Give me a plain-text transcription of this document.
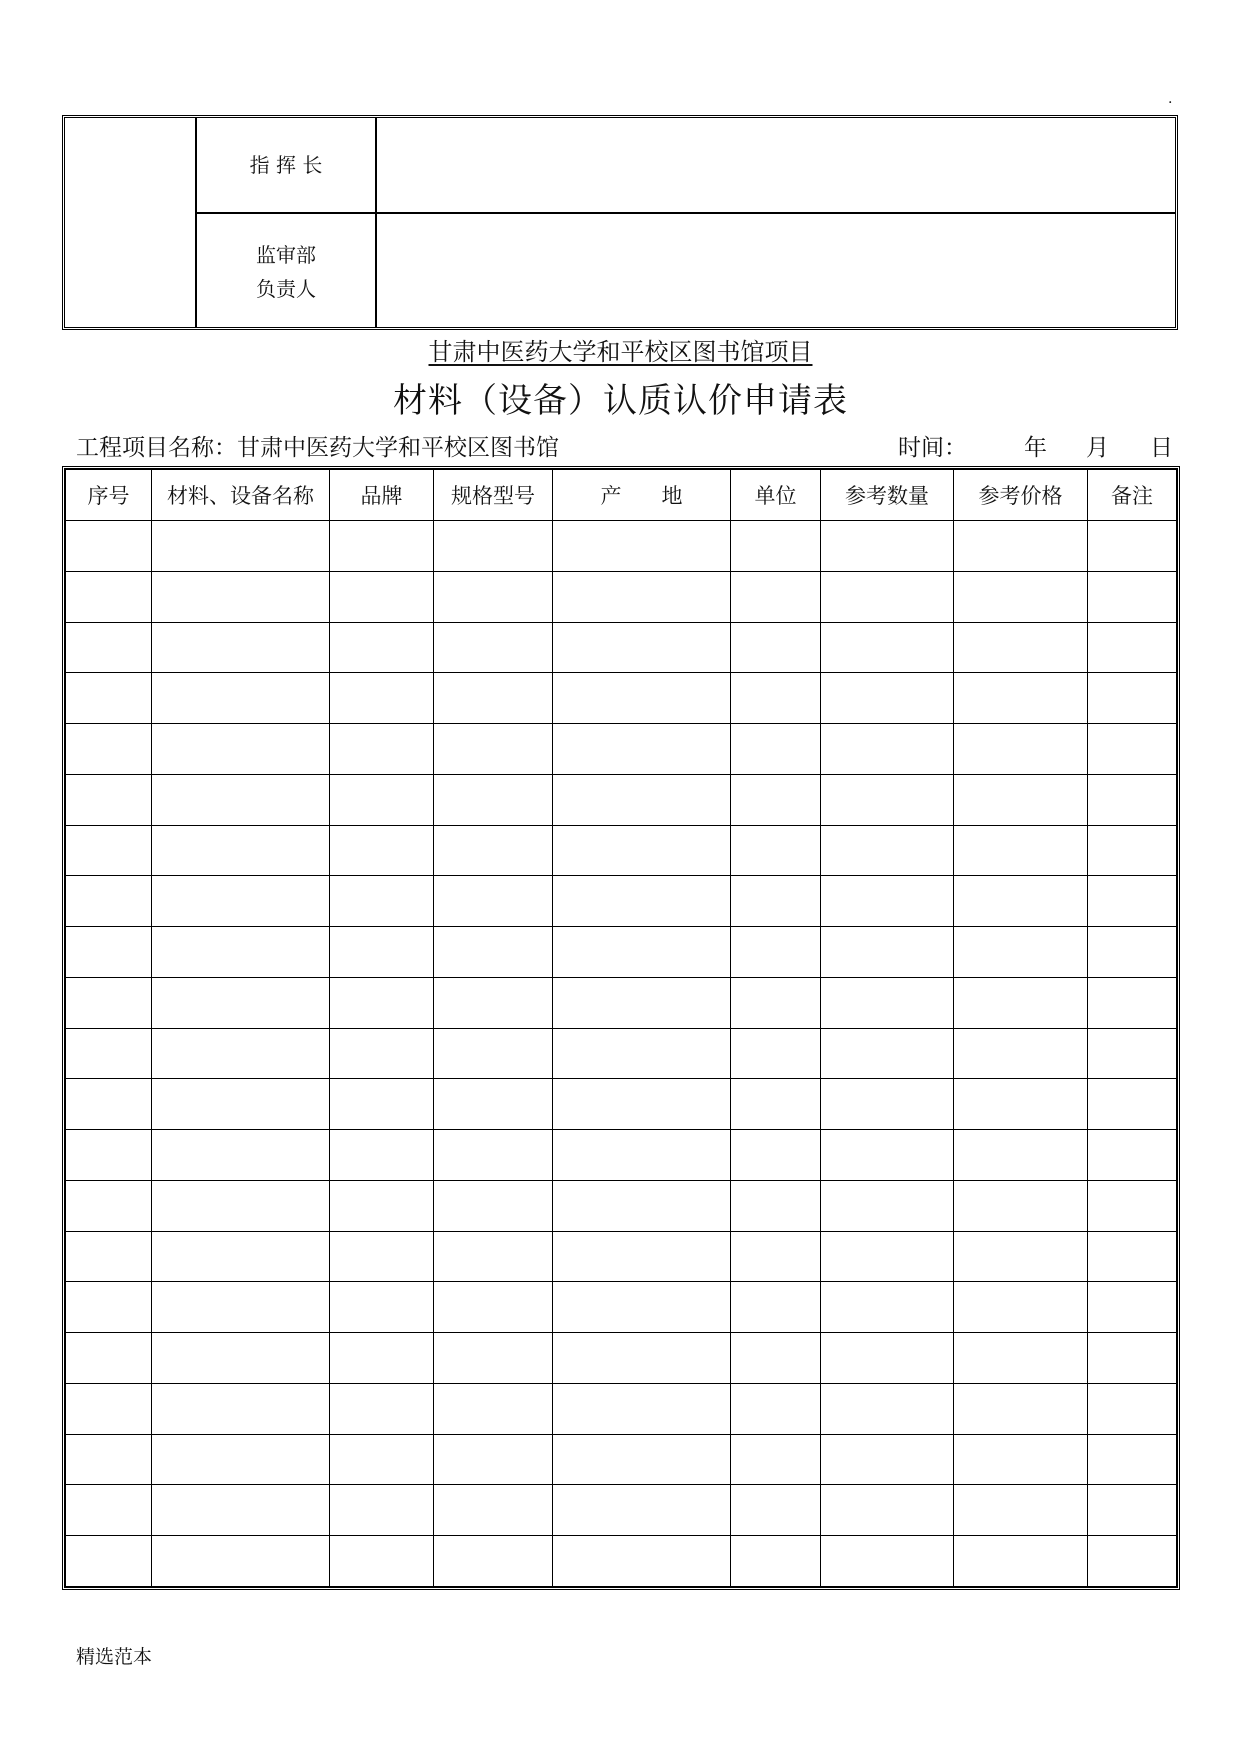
.
指 挥 长
监审部
负责人
甘肃中医药大学和平校区图书馆项目
材料（设备）认质认价申请表
工程项目名称：甘肃中医药大学和平校区图书馆	时间： 年 月 日
序号	材料、设备名称	品牌	规格型号	产      地	单位	参考数量	参考价格	备注

精选范本
